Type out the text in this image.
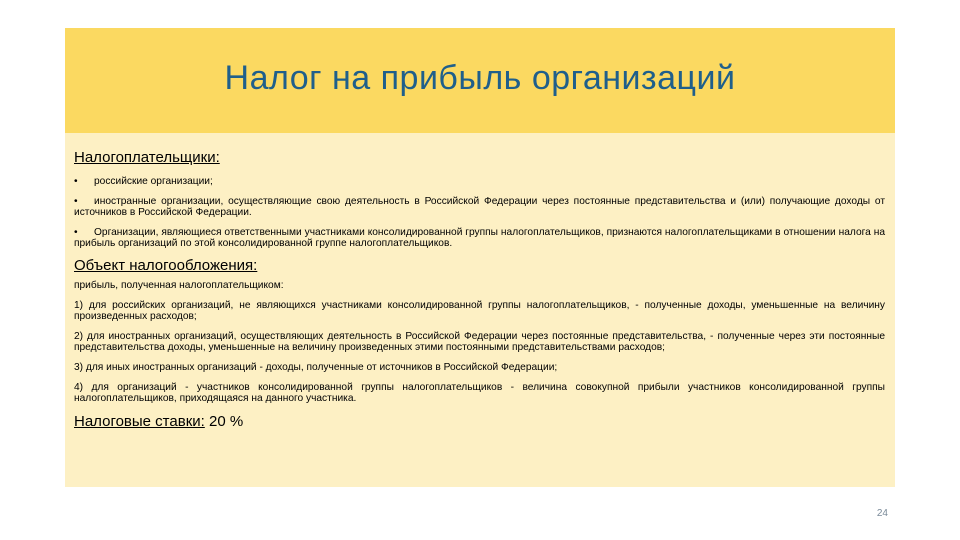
Налог на прибыль организаций
Налогоплательщики:
•	российские организации;
• иностранные организации, осуществляющие свою деятельность в Российской Федерации через постоянные представительства и (или) получающие доходы от источников в Российской Федерации.
• Организации, являющиеся ответственными участниками консолидированной группы налогоплательщиков, признаются налогоплательщиками в отношении налога на прибыль организаций по этой консолидированной группе налогоплательщиков.
Объект налогообложения:
прибыль, полученная налогоплательщиком:
1) для российских организаций, не являющихся участниками консолидированной группы налогоплательщиков, - полученные доходы, уменьшенные на величину произведенных расходов;
2) для иностранных организаций, осуществляющих деятельность в Российской Федерации через постоянные представительства, - полученные через эти постоянные представительства доходы, уменьшенные на величину произведенных этими постоянными представительствами расходов;
3) для иных иностранных организаций - доходы, полученные от источников в Российской Федерации;
4) для организаций - участников консолидированной группы налогоплательщиков - величина совокупной прибыли участников консолидированной группы налогоплательщиков, приходящаяся на данного участника.
Налоговые ставки: 20 %
24
